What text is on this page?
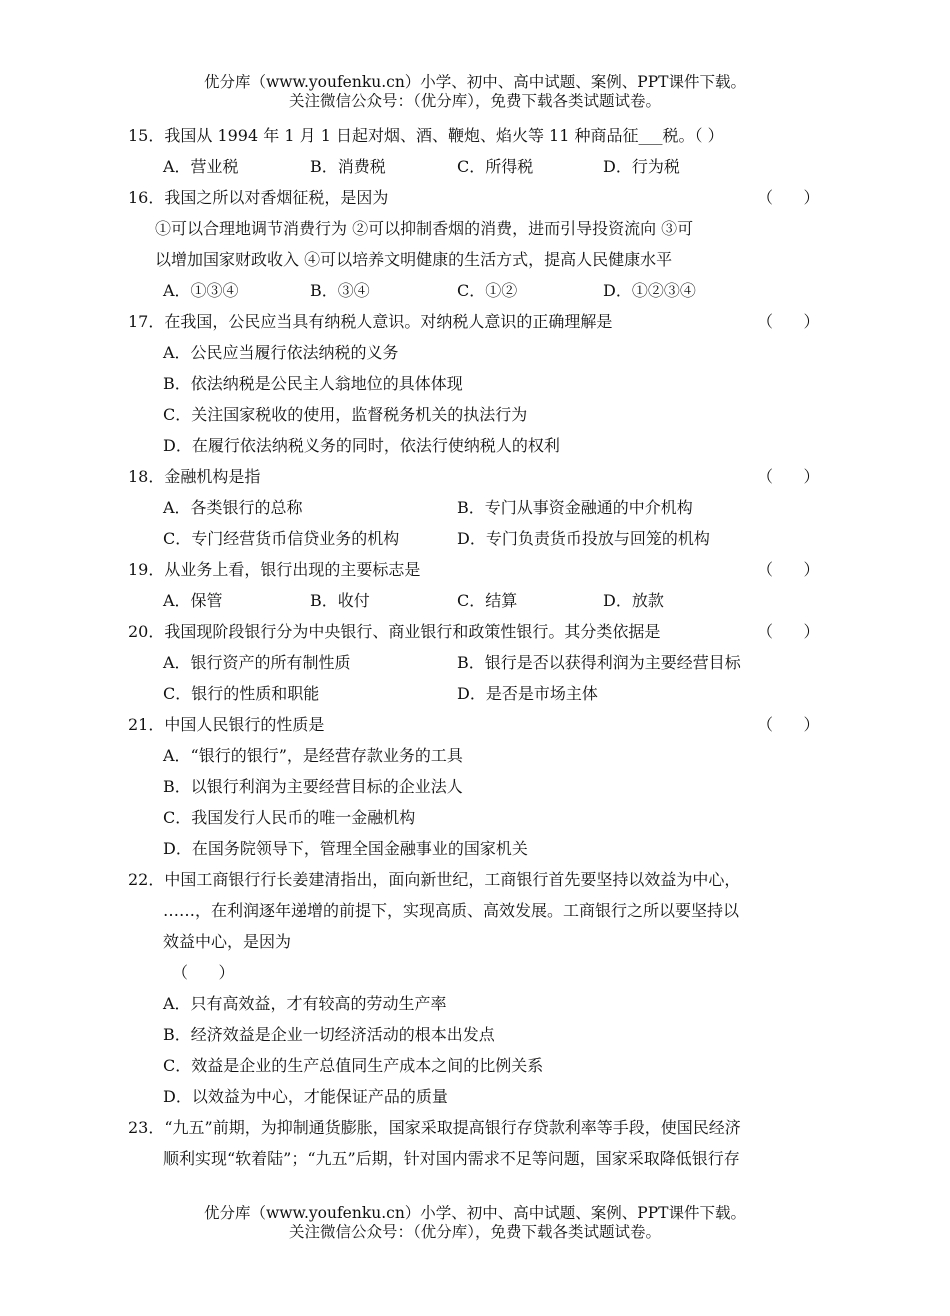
优分库（www.youfenku.cn）小学、初中、高中试题、案例、PPT课件下载。
关注微信公众号：（优分库），免费下载各类试题试卷。
15．我国从 1994 年 1 月 1 日起对烟、酒、鞭炮、焰火等 11 种商品征___税。（ ）
A．营业税	B．消费税	C．所得税	D．行为税
16．我国之所以对香烟征税，是因为	（      ）
①可以合理地调节消费行为 ②可以抑制香烟的消费，进而引导投资流向 ③可
以增加国家财政收入 ④可以培养文明健康的生活方式，提高人民健康水平
A．①③④	B．③④	C．①②	D．①②③④
17．在我国，公民应当具有纳税人意识。对纳税人意识的正确理解是	（      ）
A．公民应当履行依法纳税的义务
B．依法纳税是公民主人翁地位的具体体现
C．关注国家税收的使用，监督税务机关的执法行为
D．在履行依法纳税义务的同时，依法行使纳税人的权利
18．金融机构是指	（      ）
A．各类银行的总称	B．专门从事资金融通的中介机构
C．专门经营货币信贷业务的机构	D．专门负责货币投放与回笼的机构
19．从业务上看，银行出现的主要标志是	（      ）
A．保管	B．收付	C．结算	D．放款
20．我国现阶段银行分为中央银行、商业银行和政策性银行。其分类依据是	（      ）
A．银行资产的所有制性质	B．银行是否以获得利润为主要经营目标
C．银行的性质和职能	D．是否是市场主体
21．中国人民银行的性质是	（      ）
A．“银行的银行”，是经营存款业务的工具
B．以银行利润为主要经营目标的企业法人
C．我国发行人民币的唯一金融机构
D．在国务院领导下，管理全国金融事业的国家机关
22．中国工商银行行长姜建清指出，面向新世纪，工商银行首先要坚持以效益为中心，
……，在利润逐年递增的前提下，实现高质、高效发展。工商银行之所以要坚持以
效益中心，是因为
（      ）
A．只有高效益，才有较高的劳动生产率
B．经济效益是企业一切经济活动的根本出发点
C．效益是企业的生产总值同生产成本之间的比例关系
D．以效益为中心，才能保证产品的质量
23．“九五”前期，为抑制通货膨胀，国家采取提高银行存贷款利率等手段，使国民经济
顺利实现“软着陆”；“九五”后期，针对国内需求不足等问题，国家采取降低银行存
优分库（www.youfenku.cn）小学、初中、高中试题、案例、PPT课件下载。
关注微信公众号：（优分库），免费下载各类试题试卷。
